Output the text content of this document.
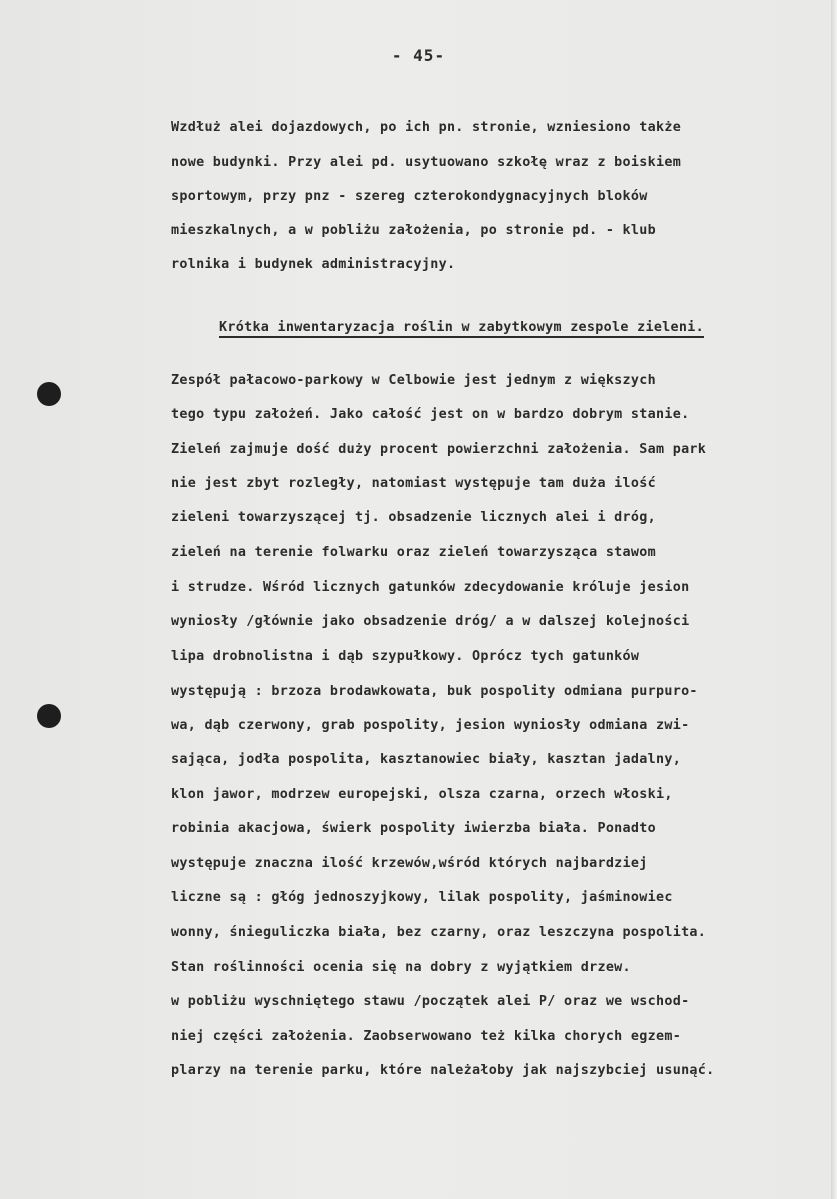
- 45-
Wzdłuż alei dojazdowych, po ich pn. stronie, wzniesiono także
nowe budynki. Przy alei pd. usytuowano szkołę wraz z boiskiem
sportowym, przy pnz - szereg czterokondygnacyjnych bloków
mieszkalnych, a w pobliżu założenia, po stronie pd. - klub
rolnika i budynek administracyjny.
Krótka inwentaryzacja roślin w zabytkowym zespole zieleni.
Zespół pałacowo-parkowy w Celbowie jest jednym z większych
tego typu założeń. Jako całość jest on w bardzo dobrym stanie.
Zieleń zajmuje dość duży procent powierzchni założenia. Sam park
nie jest zbyt rozległy, natomiast występuje tam duża ilość
zieleni towarzyszącej tj. obsadzenie licznych alei i dróg,
zieleń na terenie folwarku oraz zieleń towarzysząca stawom
i strudze. Wśród licznych gatunków zdecydowanie króluje jesion
wyniosły /głównie jako obsadzenie dróg/ a w dalszej kolejności
lipa drobnolistna i dąb szypułkowy. Oprócz tych gatunków
występują : brzoza brodawkowata, buk pospolity odmiana purpuro-
wa, dąb czerwony, grab pospolity, jesion wyniosły odmiana zwi-
sająca, jodła pospolita, kasztanowiec biały, kasztan jadalny,
klon jawor, modrzew europejski, olsza czarna, orzech włoski,
robinia akacjowa, świerk pospolity iwierzba biała. Ponadto
występuje znaczna ilość krzewów,wśród których najbardziej
liczne są : głóg jednoszyjkowy, lilak pospolity, jaśminowiec
wonny, śnieguliczka biała, bez czarny, oraz leszczyna pospolita.
Stan roślinności ocenia się na dobry z wyjątkiem drzew.
w pobliżu wyschniętego stawu /początek alei P/ oraz we wschod-
niej części założenia. Zaobserwowano też kilka chorych egzem-
plarzy na terenie parku, które należałoby jak najszybciej usunąć.
